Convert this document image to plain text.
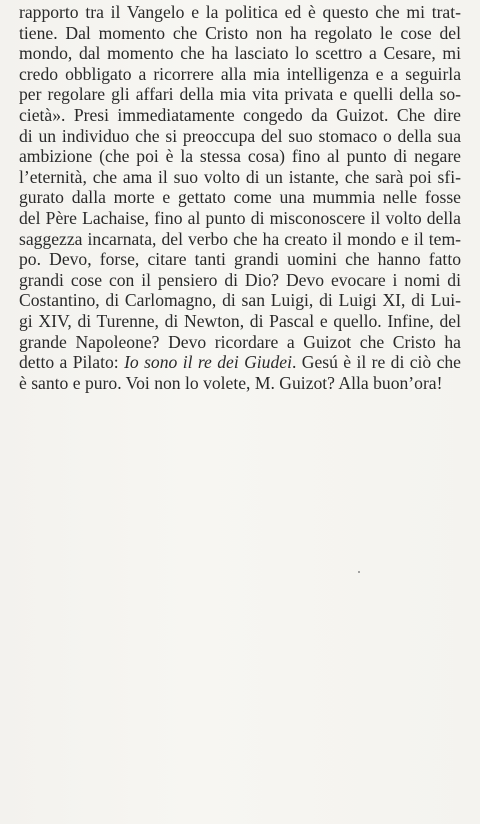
rapporto tra il Vangelo e la politica ed è questo che mi trat-
tiene. Dal momento che Cristo non ha regolato le cose del
mondo, dal momento che ha lasciato lo scettro a Cesare, mi
credo obbligato a ricorrere alla mia intelligenza e a seguirla
per regolare gli affari della mia vita privata e quelli della so-
cietà». Presi immediatamente congedo da Guizot. Che dire
di un individuo che si preoccupa del suo stomaco o della sua
ambizione (che poi è la stessa cosa) fino al punto di negare
l’eternità, che ama il suo volto di un istante, che sarà poi sfi-
gurato dalla morte e gettato come una mummia nelle fosse
del Père Lachaise, fino al punto di misconoscere il volto della
saggezza incarnata, del verbo che ha creato il mondo e il tem-
po. Devo, forse, citare tanti grandi uomini che hanno fatto
grandi cose con il pensiero di Dio? Devo evocare i nomi di
Costantino, di Carlomagno, di san Luigi, di Luigi XI, di Lui-
gi XIV, di Turenne, di Newton, di Pascal e quello. Infine, del
grande Napoleone? Devo ricordare a Guizot che Cristo ha
detto a Pilato: Io sono il re dei Giudei. Gesú è il re di ciò che
è santo e puro. Voi non lo volete, M. Guizot? Alla buon’ora!
